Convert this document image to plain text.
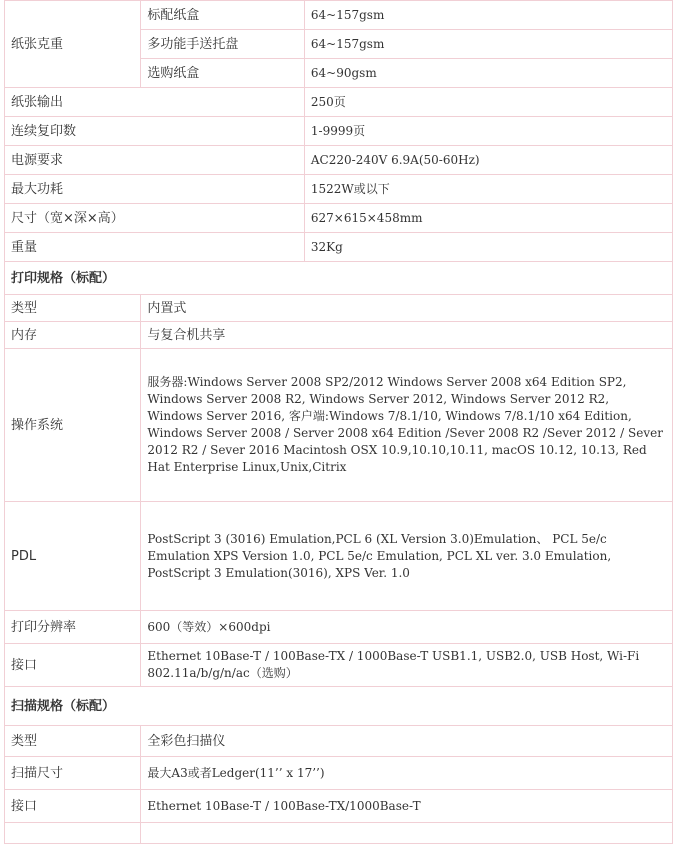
纸张克重	标配纸盒	64~157gsm
	多功能手送托盘	64~157gsm
	选购纸盒	64~90gsm
纸张输出		250页
连续复印数		1-9999页
电源要求		AC220-240V 6.9A(50-60Hz)
最大功耗		1522W或以下
尺寸（宽×深×高）		627×615×458mm
重量		32Kg
打印规格（标配）		
类型	内置式	
内存	与复合机共享	
操作系统	服务器:Windows Server 2008 SP2/2012 Windows Server 2008 x64 Edition SP2, Windows Server 2008 R2, Windows Server 2012, Windows Server 2012 R2, Windows Server 2016, 客户端:Windows 7/8.1/10, Windows 7/8.1/10 x64 Edition, Windows Server 2008 / Server 2008 x64 Edition /Sever 2008 R2 /Sever 2012 / Sever 2012 R2 / Sever 2016 Macintosh OSX 10.9,10.10,10.11, macOS 10.12, 10.13, Red Hat Enterprise Linux,Unix,Citrix	
PDL	PostScript 3 (3016) Emulation,PCL 6 (XL Version 3.0)Emulation、 PCL 5e/c Emulation XPS Version 1.0, PCL 5e/c Emulation, PCL XL ver. 3.0 Emulation, PostScript 3 Emulation(3016), XPS Ver. 1.0	
打印分辨率	600（等效）×600dpi	
接口	Ethernet 10Base-T / 100Base-TX / 1000Base-T USB1.1, USB2.0, USB Host, Wi-Fi 802.11a/b/g/n/ac（选购）	
扫描规格（标配）		
类型	全彩色扫描仪	
扫描尺寸	最大A3或者Ledger(11’’ x 17’’)	
接口	Ethernet 10Base-T / 100Base-TX/1000Base-T	
